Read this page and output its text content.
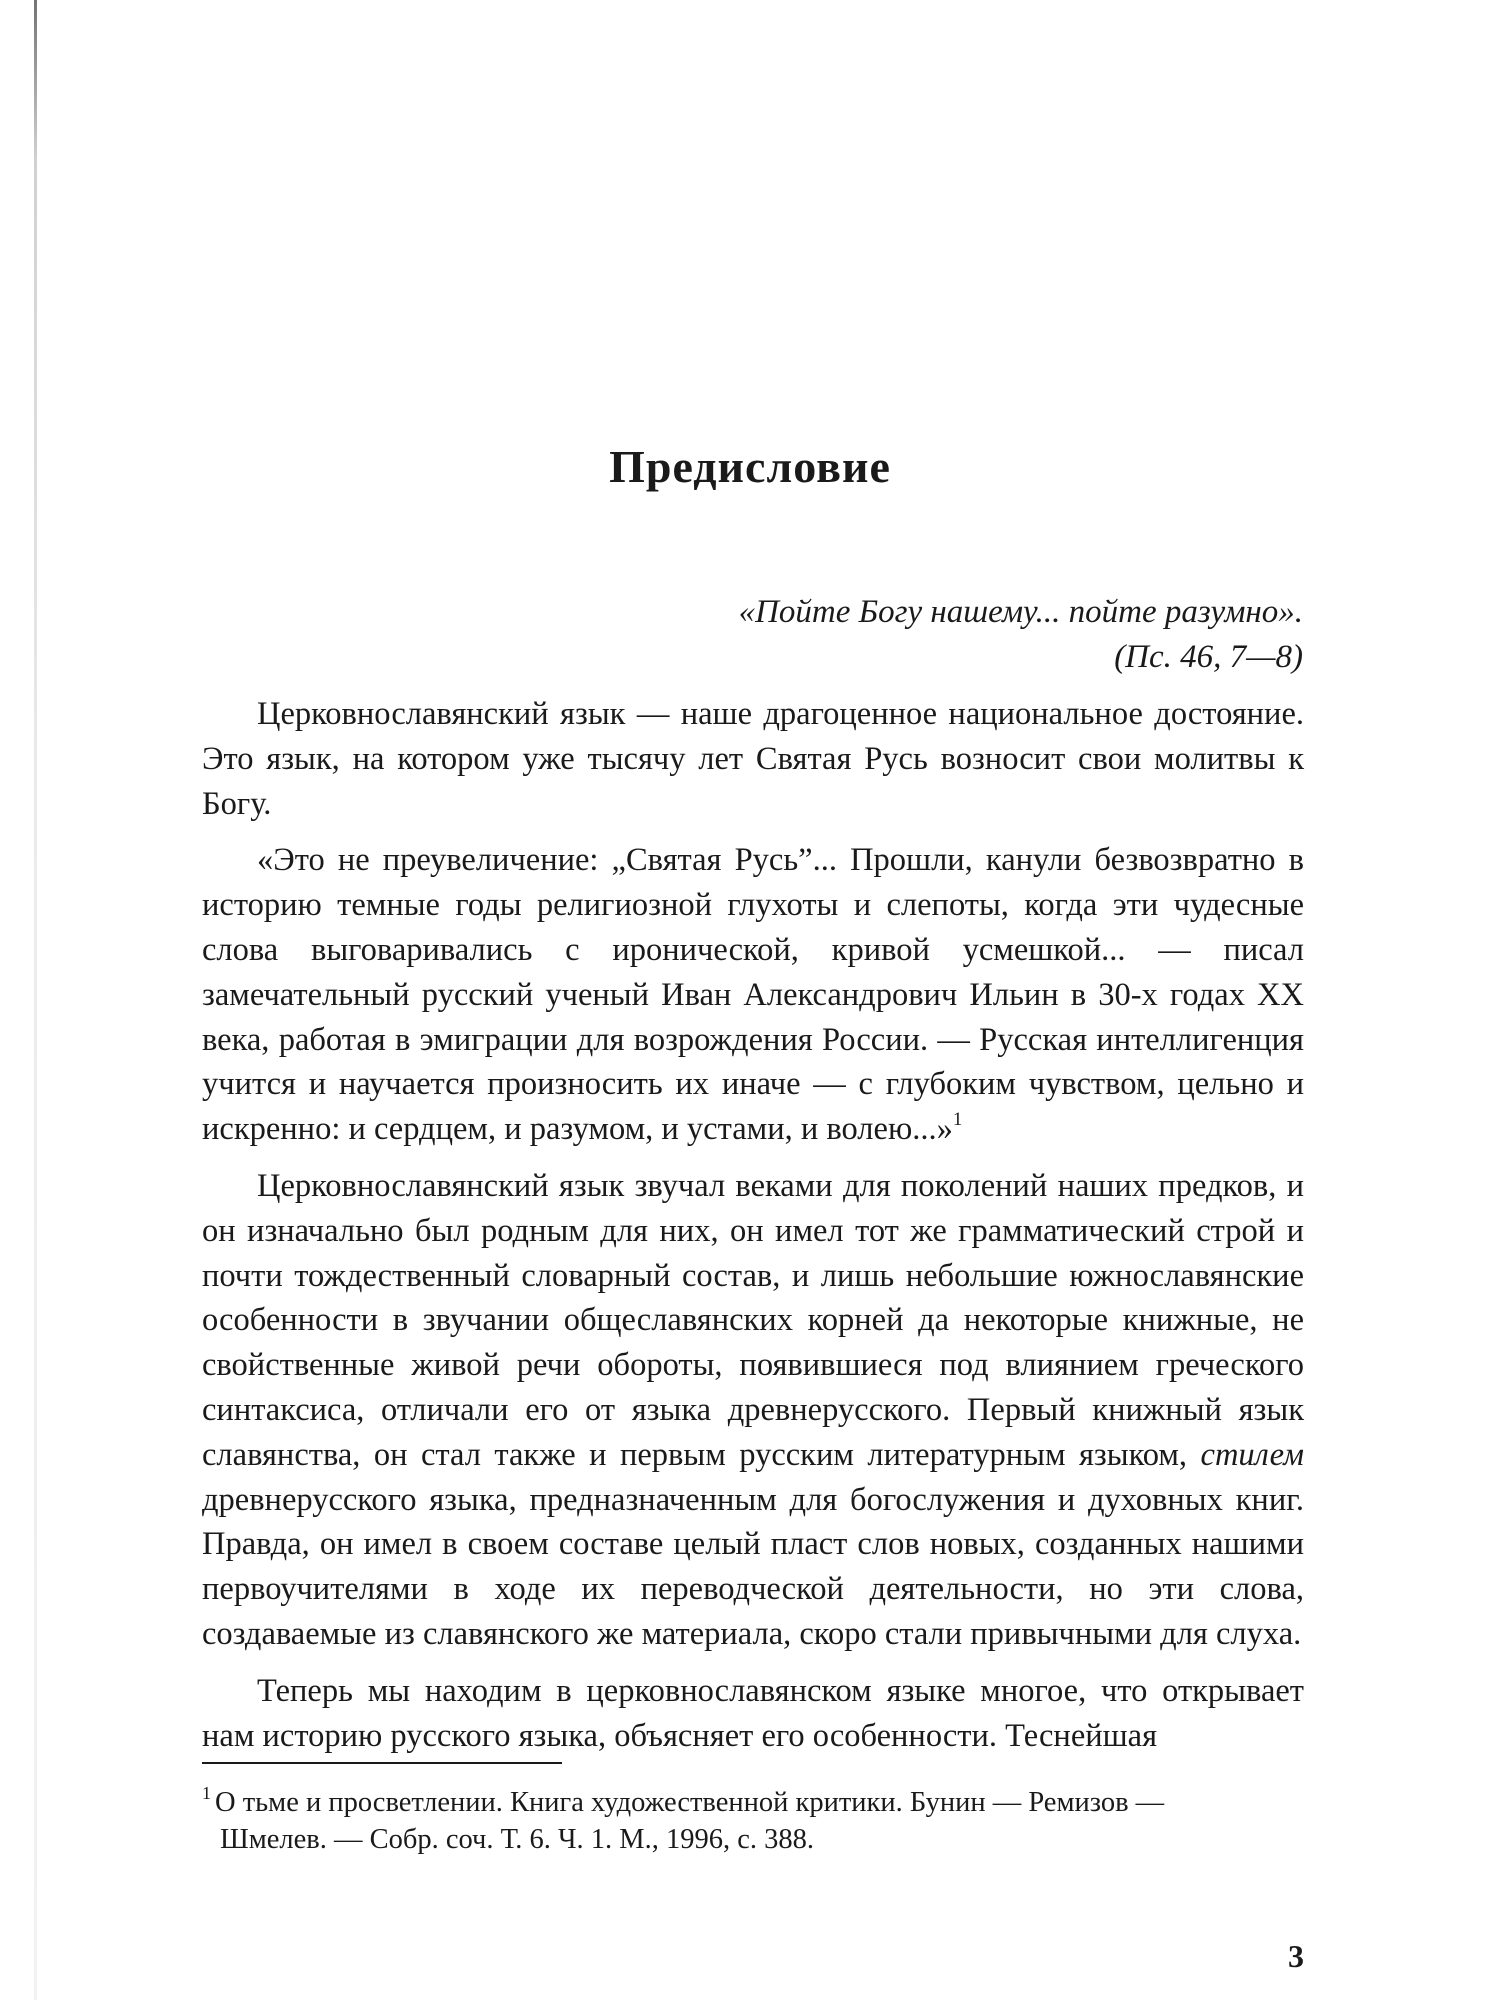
Предисловие
«Пойте Богу нашему... пойте разумно».
(Пс. 46, 7—8)

Церковнославянский язык — наше драгоценное национальное достояние. Это язык, на котором уже тысячу лет Святая Русь возносит свои молитвы к Богу.

«Это не преувеличение: „Святая Русь”... Прошли, канули безвозвратно в историю темные годы религиозной глухоты и слепоты, когда эти чудесные слова выговаривались с иронической, кривой усмешкой... — писал замечательный русский ученый Иван Александрович Ильин в 30-х годах XX века, работая в эмиграции для возрождения России. — Русская интеллигенция учится и научается произносить их иначе — с глубоким чувством, цельно и искренно: и сердцем, и разумом, и устами, и волею...»$^1$

Церковнославянский язык звучал веками для поколений наших предков, и он изначально был родным для них, он имел тот же грамматический строй и почти тождественный словарный состав, и лишь небольшие южнославянские особенности в звучании общеславянских корней да некоторые книжные, не свойственные живой речи обороты, появившиеся под влиянием греческого синтаксиса, отличали его от языка древнерусского. Первый книжный язык славянства, он стал также и первым русским литературным языком, стилем древнерусского языка, предназначенным для богослужения и духовных книг. Правда, он имел в своем составе целый пласт слов новых, созданных нашими первоучителями в ходе их переводческой деятельности, но эти слова, создаваемые из славянского же материала, скоро стали привычными для слуха.

Теперь мы находим в церковнославянском языке многое, что открывает нам историю русского языка, объясняет его особенности. Теснейшая

$^1$ О тьме и просветлении. Книга художественной критики. Бунин — Ремизов —
Шмелев. — Собр. соч. Т. 6. Ч. 1. М., 1996, с. 388.
3
